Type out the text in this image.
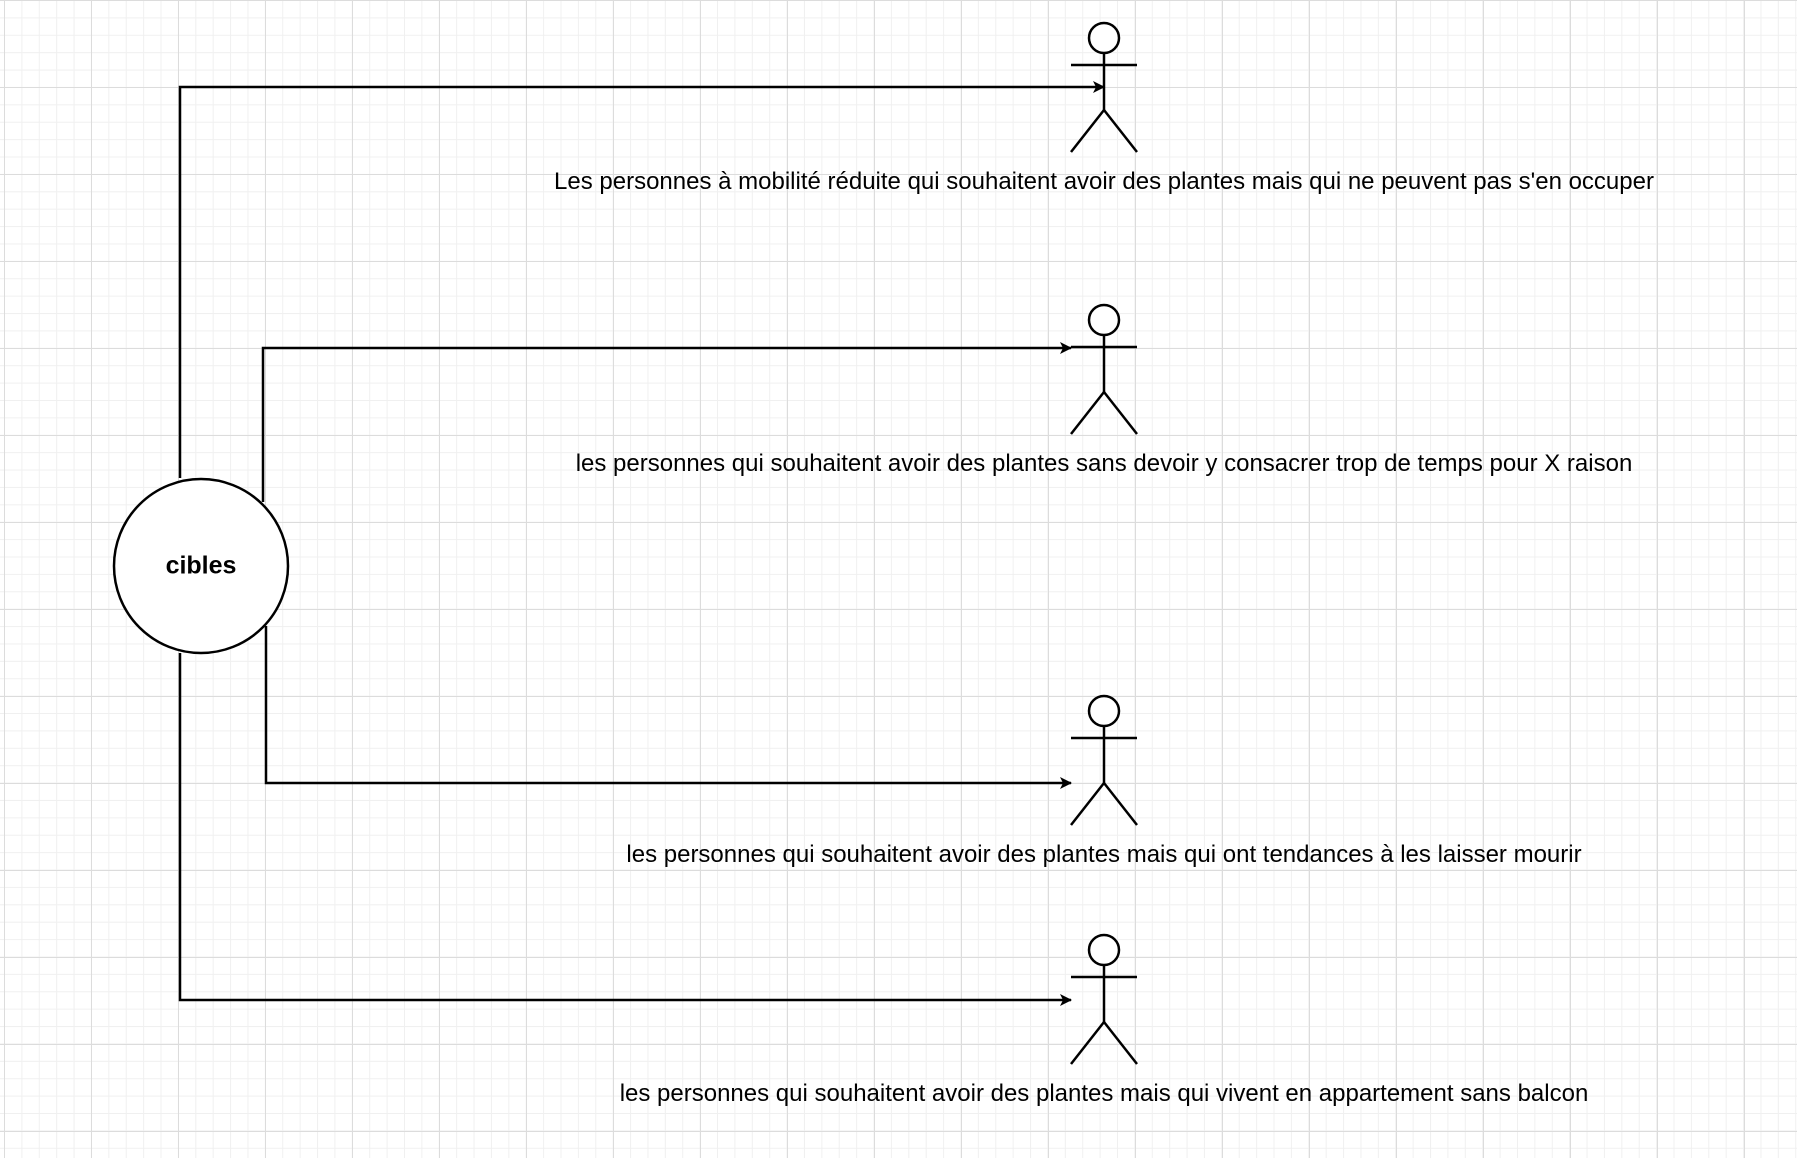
cibles
Les personnes à mobilité réduite qui souhaitent avoir des plantes mais qui ne peuvent pas s'en occuper
les personnes qui souhaitent avoir des plantes sans devoir y consacrer trop de temps pour X raison
les personnes qui souhaitent avoir des plantes mais qui ont tendances à les laisser mourir
les personnes qui souhaitent avoir des plantes mais qui vivent en appartement sans balcon
